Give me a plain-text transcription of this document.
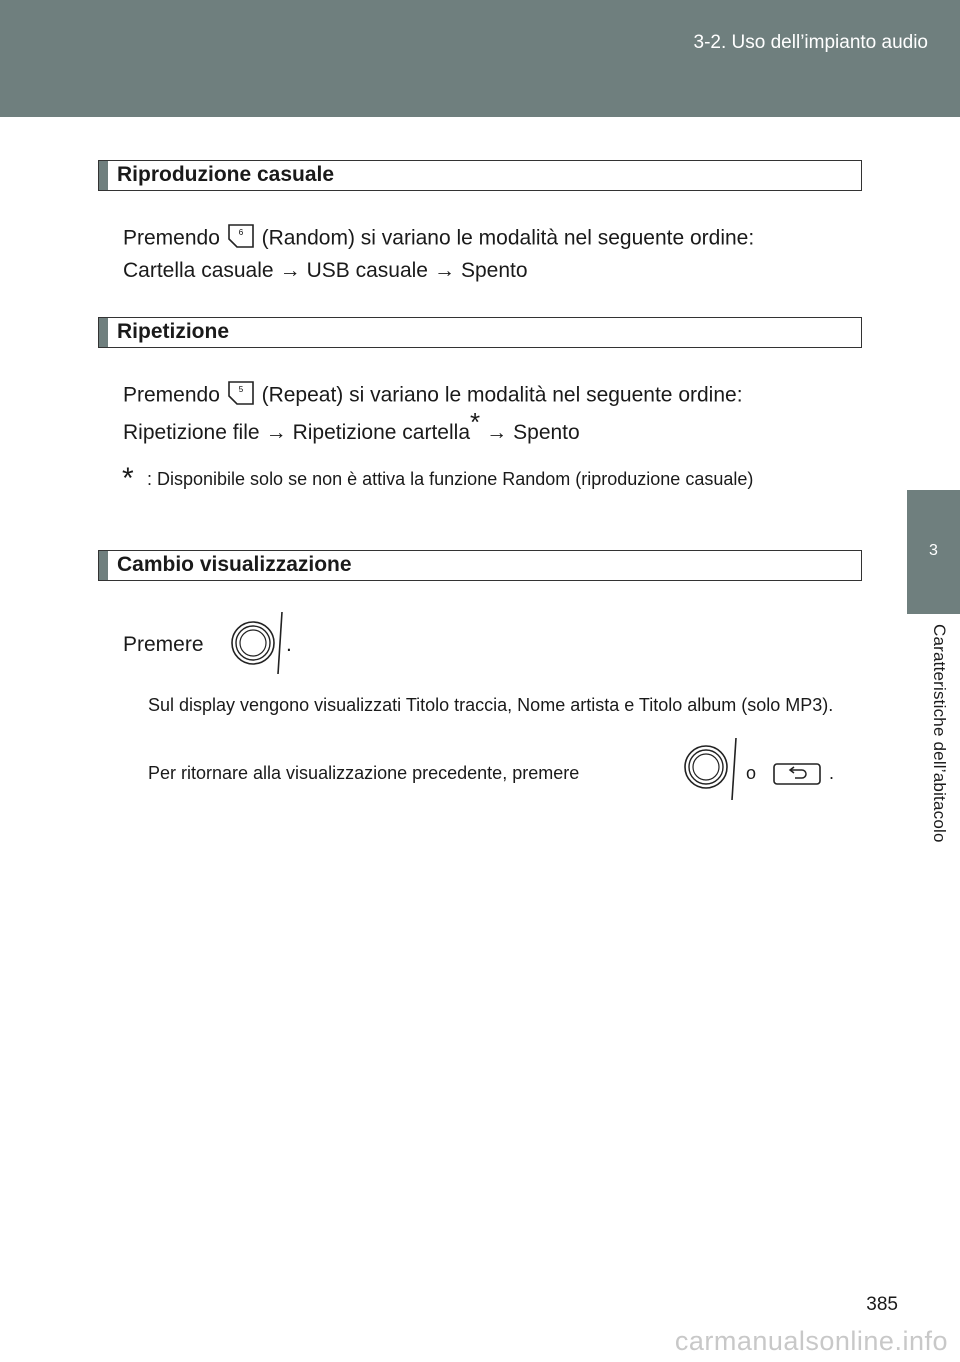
3-2. Uso dell’impianto audio
3
Caratteristiche dell’abitacolo
Riproduzione casuale
Premendo 6 (Random) si variano le modalità nel seguente ordine:
Cartella casuale → USB casuale → Spento
Ripetizione
Premendo 5 (Repeat) si variano le modalità nel seguente ordine:
Ripetizione file → Ripetizione cartella* → Spento
* : Disponibile solo se non è attiva la funzione Random (riproduzione casuale)
Cambio visualizzazione
Premere	.
Sul display vengono visualizzati Titolo traccia, Nome artista e Titolo album (solo MP3).
Per ritornare alla visualizzazione precedente, premere	o	.
385
carmanualsonline.info
